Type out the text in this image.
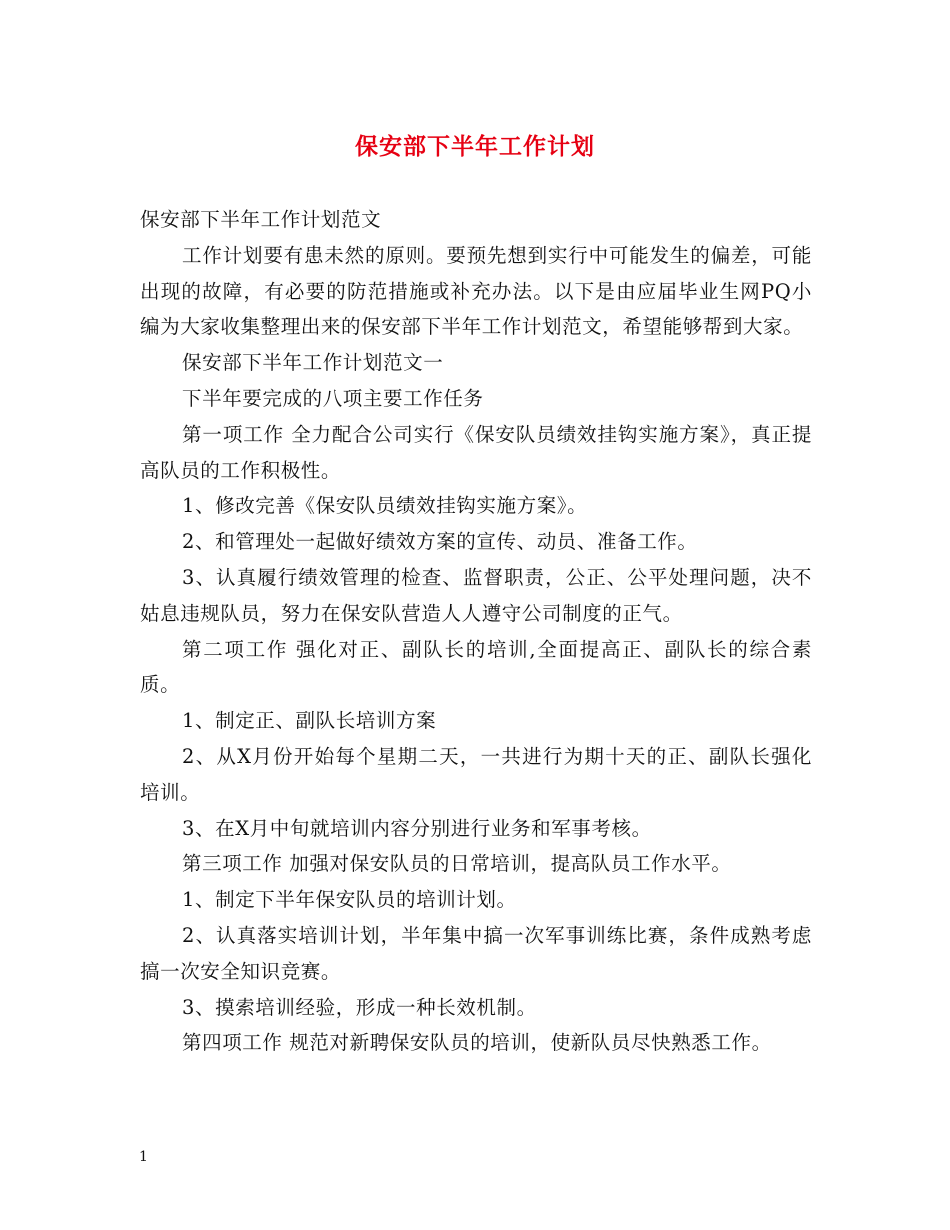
保安部下半年工作计划

保安部下半年工作计划范文

工作计划要有患未然的原则。要预先想到实行中可能发生的偏差，可能出现的故障，有必要的防范措施或补充办法。以下是由应届毕业生网PQ小编为大家收集整理出来的保安部下半年工作计划范文，希望能够帮到大家。

保安部下半年工作计划范文一

下半年要完成的八项主要工作任务

第一项工作 全力配合公司实行《保安队员绩效挂钩实施方案》，真正提高队员的工作积极性。

1、修改完善《保安队员绩效挂钩实施方案》。

2、和管理处一起做好绩效方案的宣传、动员、准备工作。

3、认真履行绩效管理的检查、监督职责，公正、公平处理问题，决不姑息违规队员，努力在保安队营造人人遵守公司制度的正气。

第二项工作 强化对正、副队长的培训,全面提高正、副队长的综合素质。

1、制定正、副队长培训方案

2、从X月份开始每个星期二天，一共进行为期十天的正、副队长强化培训。

3、在X月中旬就培训内容分别进行业务和军事考核。

第三项工作 加强对保安队员的日常培训，提高队员工作水平。

1、制定下半年保安队员的培训计划。

2、认真落实培训计划，半年集中搞一次军事训练比赛，条件成熟考虑搞一次安全知识竞赛。

3、摸索培训经验，形成一种长效机制。

第四项工作 规范对新聘保安队员的培训，使新队员尽快熟悉工作。

1
